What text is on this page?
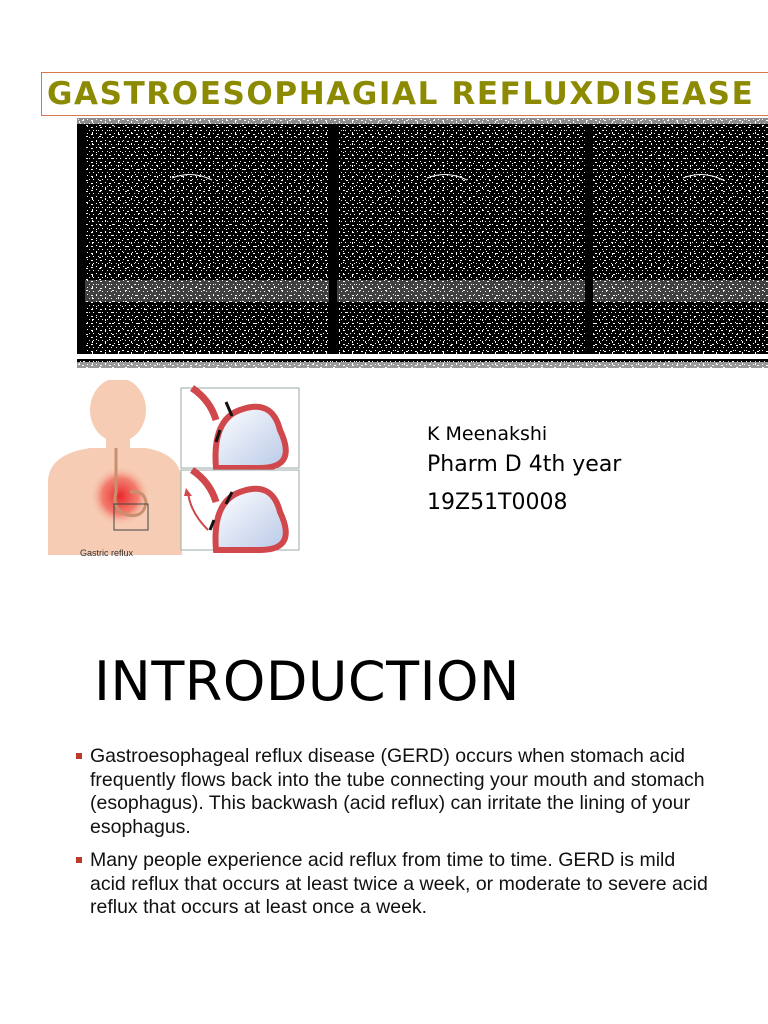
GASTROESOPHAGIAL REFLUXDISEASE
Gastric reflux
K Meenakshi
Pharm D 4th year
19Z51T0008
INTRODUCTION
Gastroesophageal reflux disease (GERD) occurs when stomach acid frequently flows back into the tube connecting your mouth and stomach (esophagus). This backwash (acid reflux) can irritate the lining of your esophagus.
Many people experience acid reflux from time to time. GERD is mild acid reflux that occurs at least twice a week, or moderate to severe acid reflux that occurs at least once a week.
